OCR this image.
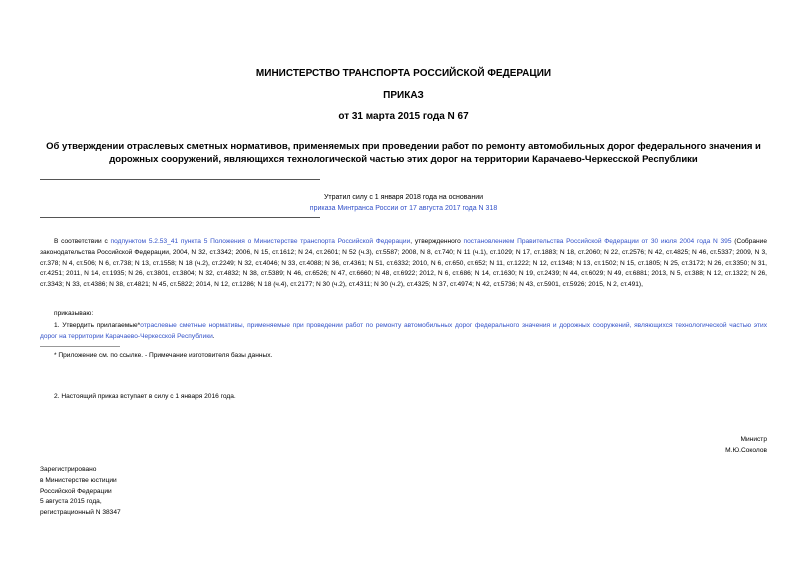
МИНИСТЕРСТВО ТРАНСПОРТА РОССИЙСКОЙ ФЕДЕРАЦИИ
ПРИКАЗ
от 31 марта 2015 года N 67
Об утверждении отраслевых сметных нормативов, применяемых при проведении работ по ремонту автомобильных дорог федерального значения и дорожных сооружений, являющихся технологической частью этих дорог на территории Карачаево-Черкесской Республики
Утратил силу с 1 января 2018 года на основании
приказа Минтранса России от 17 августа 2017 года N 318
В соответствии с подпунктом 5.2.53_41 пункта 5 Положения о Министерстве транспорта Российской Федерации, утвержденного постановлением Правительства Российской Федерации от 30 июля 2004 года N 395 (Собрание законодательства Российской Федерации, 2004, N 32, ст.3342; 2006, N 15, ст.1612; N 24, ст.2601; N 52 (ч.3), ст.5587; 2008, N 8, ст.740; N 11 (ч.1), ст.1029; N 17, ст.1883; N 18, ст.2060; N 22, ст.2576; N 42, ст.4825; N 46, ст.5337; 2009, N 3, ст.378; N 4, ст.506; N 6, ст.738; N 13, ст.1558; N 18 (ч.2), ст.2249; N 32, ст.4046; N 33, ст.4088; N 36, ст.4361; N 51, ст.6332; 2010, N 6, ст.650, ст.652; N 11, ст.1222; N 12, ст.1348; N 13, ст.1502; N 15, ст.1805; N 25, ст.3172; N 26, ст.3350; N 31, ст.4251; 2011, N 14, ст.1935; N 26, ст.3801, ст.3804; N 32, ст.4832; N 38, ст.5389; N 46, ст.6526; N 47, ст.6660; N 48, ст.6922; 2012, N 6, ст.686; N 14, ст.1630; N 19, ст.2439; N 44, ст.6029; N 49, ст.6881; 2013, N 5, ст.388; N 12, ст.1322; N 26, ст.3343; N 33, ст.4386; N 38, ст.4821; N 45, ст.5822; 2014, N 12, ст.1286; N 18 (ч.4), ст.2177; N 30 (ч.2), ст.4311; N 30 (ч.2), ст.4325; N 37, ст.4974; N 42, ст.5736; N 43, ст.5901, ст.5926; 2015, N 2, ст.491),
приказываю:
1. Утвердить прилагаемые*отраслевые сметные нормативы, применяемые при проведении работ по ремонту автомобильных дорог федерального значения и дорожных сооружений, являющихся технологической частью этих дорог на территории Карачаево-Черкесской Республики.
* Приложение см. по ссылке. - Примечание изготовителя базы данных.
2. Настоящий приказ вступает в силу с 1 января 2016 года.
Министр
М.Ю.Соколов
Зарегистрировано
в Министерстве юстиции
Российской Федерации
5 августа 2015 года,
регистрационный N 38347
